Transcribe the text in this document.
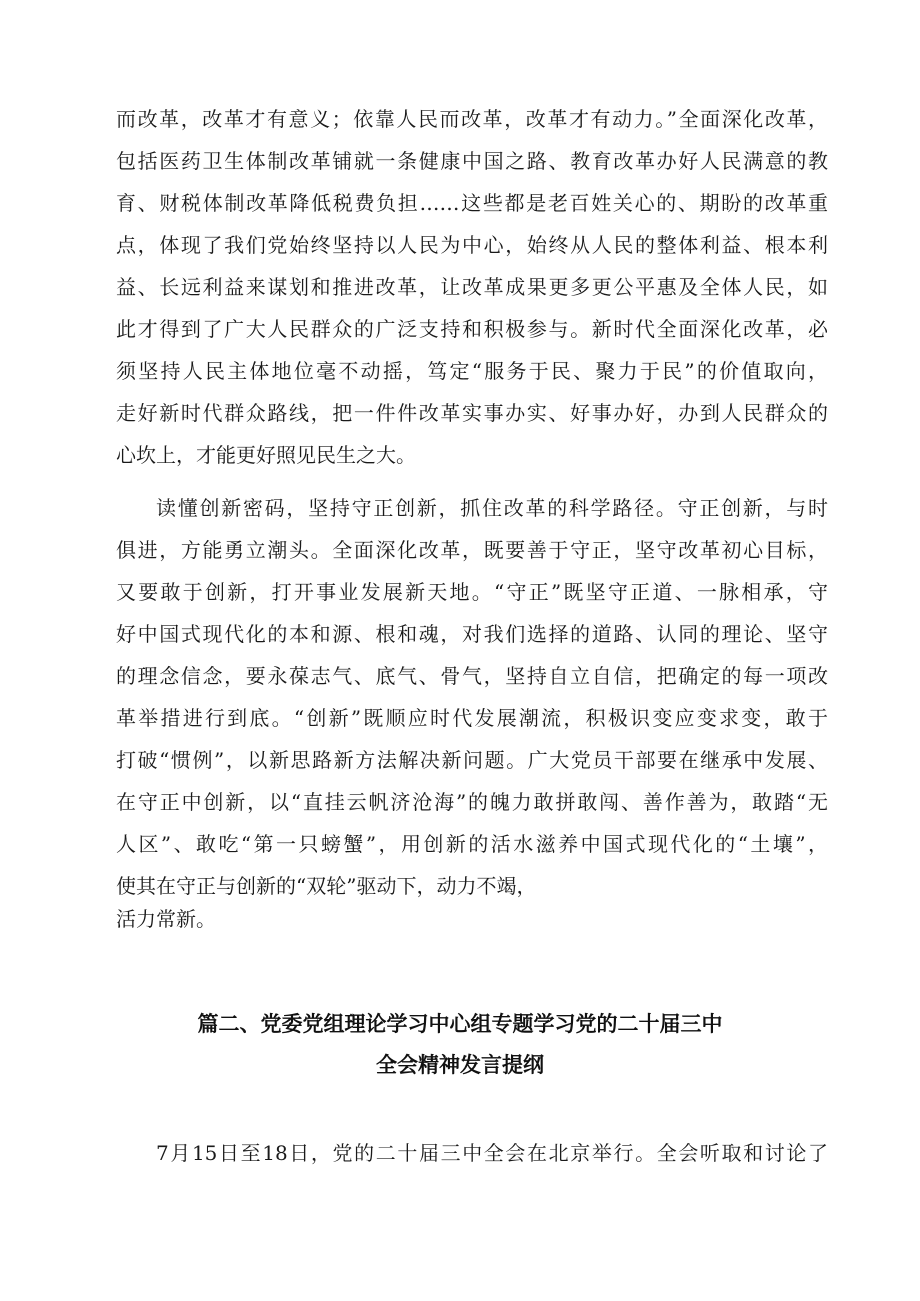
而改革，改革才有意义；依靠人民而改革，改革才有动力。”全面深化改革，

包括医药卫生体制改革铺就一条健康中国之路、教育改革办好人民满意的教

育、财税体制改革降低税费负担……这些都是老百姓关心的、期盼的改革重

点，体现了我们党始终坚持以人民为中心，始终从人民的整体利益、根本利

益、长远利益来谋划和推进改革，让改革成果更多更公平惠及全体人民，如

此才得到了广大人民群众的广泛支持和积极参与。新时代全面深化改革，必

须坚持人民主体地位毫不动摇，笃定“服务于民、聚力于民”的价值取向，

走好新时代群众路线，把一件件改革实事办实、好事办好，办到人民群众的

心坎上，才能更好照见民生之大。

读懂创新密码，坚持守正创新，抓住改革的科学路径。守正创新，与时

俱进，方能勇立潮头。全面深化改革，既要善于守正，坚守改革初心目标，

又要敢于创新，打开事业发展新天地。“守正”既坚守正道、一脉相承，守

好中国式现代化的本和源、根和魂，对我们选择的道路、认同的理论、坚守

的理念信念，要永葆志气、底气、骨气，坚持自立自信，把确定的每一项改

革举措进行到底。“创新”既顺应时代发展潮流，积极识变应变求变，敢于

打破“惯例”，以新思路新方法解决新问题。广大党员干部要在继承中发展、

在守正中创新，以“直挂云帆济沧海”的魄力敢拼敢闯、善作善为，敢踏“无

人区”、敢吃“第一只螃蟹”，用创新的活水滋养中国式现代化的“土壤”，

使其在守正与创新的“双轮”驱动下，动力不竭，

活力常新。

篇二、党委党组理论学习中心组专题学习党的二十届三中
全会精神发言提纲

7月15日至18日，党的二十届三中全会在北京举行。全会听取和讨论了
